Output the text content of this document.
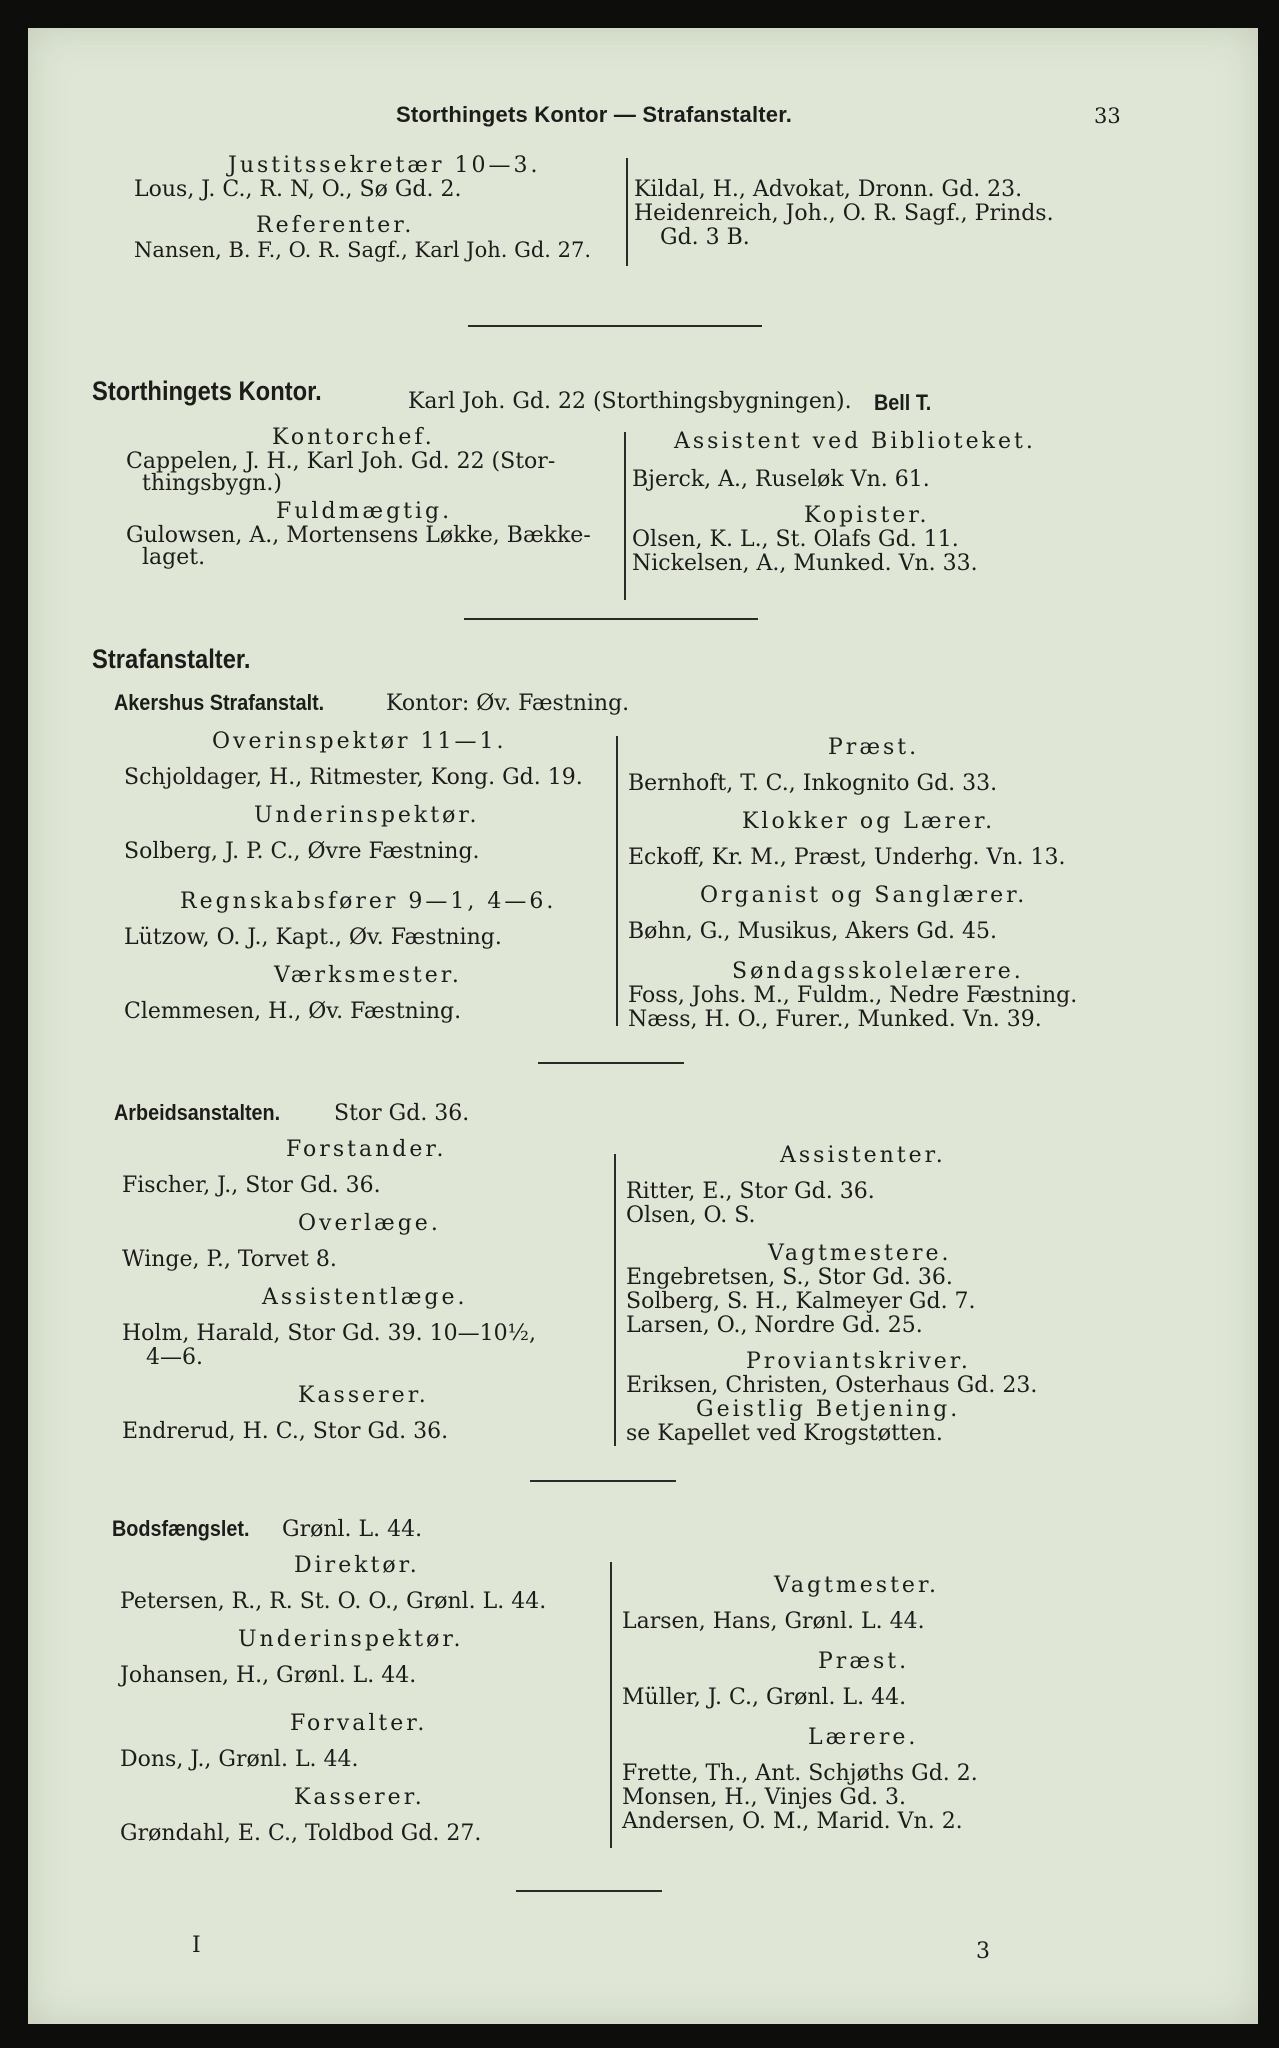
Storthingets Kontor — Strafanstalter.	33
Justitssekretær 10—3.
Lous, J. C., R. N, O., Sø Gd. 2.
Referenter.
Nansen, B. F., O. R. Sagf., Karl Joh. Gd. 27.
Kildal, H., Advokat, Dronn. Gd. 23.
Heidenreich, Joh., O. R. Sagf., Prinds.
Gd. 3 B.
Storthingets Kontor.	Karl Joh. Gd. 22 (Storthingsbygningen). Bell T.
Kontorchef.
Cappelen, J. H., Karl Joh. Gd. 22 (Stor-
thingsbygn.)
Fuldmægtig.
Gulowsen, A., Mortensens Løkke, Bække-
laget.
Assistent ved Biblioteket.
Bjerck, A., Ruseløk Vn. 61.
Kopister.
Olsen, K. L., St. Olafs Gd. 11.
Nickelsen, A., Munked. Vn. 33.
Strafanstalter.
Akershus Strafanstalt.	Kontor: Øv. Fæstning.
Overinspektør 11—1.
Schjoldager, H., Ritmester, Kong. Gd. 19.
Underinspektør.
Solberg, J. P. C., Øvre Fæstning.
Regnskabsfører 9—1, 4—6.
Lützow, O. J., Kapt., Øv. Fæstning.
Værksmester.
Clemmesen, H., Øv. Fæstning.
Præst.
Bernhoft, T. C., Inkognito Gd. 33.
Klokker og Lærer.
Eckoff, Kr. M., Præst, Underhg. Vn. 13.
Organist og Sanglærer.
Bøhn, G., Musikus, Akers Gd. 45.
Søndagsskolelærere.
Foss, Johs. M., Fuldm., Nedre Fæstning.
Næss, H. O., Furer., Munked. Vn. 39.
Arbeidsanstalten. Stor Gd. 36.
Forstander.
Fischer, J., Stor Gd. 36.
Overlæge.
Winge, P., Torvet 8.
Assistentlæge.
Holm, Harald, Stor Gd. 39. 10—10½,
4—6.
Kasserer.
Endrerud, H. C., Stor Gd. 36.
Assistenter.
Ritter, E., Stor Gd. 36.
Olsen, O. S.
Vagtmestere.
Engebretsen, S., Stor Gd. 36.
Solberg, S. H., Kalmeyer Gd. 7.
Larsen, O., Nordre Gd. 25.
Proviantskriver.
Eriksen, Christen, Osterhaus Gd. 23.
Geistlig Betjening.
se Kapellet ved Krogstøtten.
Bodsfængslet. Grønl. L. 44.
Direktør.
Petersen, R., R. St. O. O., Grønl. L. 44.
Underinspektør.
Johansen, H., Grønl. L. 44.
Forvalter.
Dons, J., Grønl. L. 44.
Kasserer.
Grøndahl, E. C., Toldbod Gd. 27.
Vagtmester.
Larsen, Hans, Grønl. L. 44.
Præst.
Müller, J. C., Grønl. L. 44.
Lærere.
Frette, Th., Ant. Schjøths Gd. 2.
Monsen, H., Vinjes Gd. 3.
Andersen, O. M., Marid. Vn. 2.
I	3
